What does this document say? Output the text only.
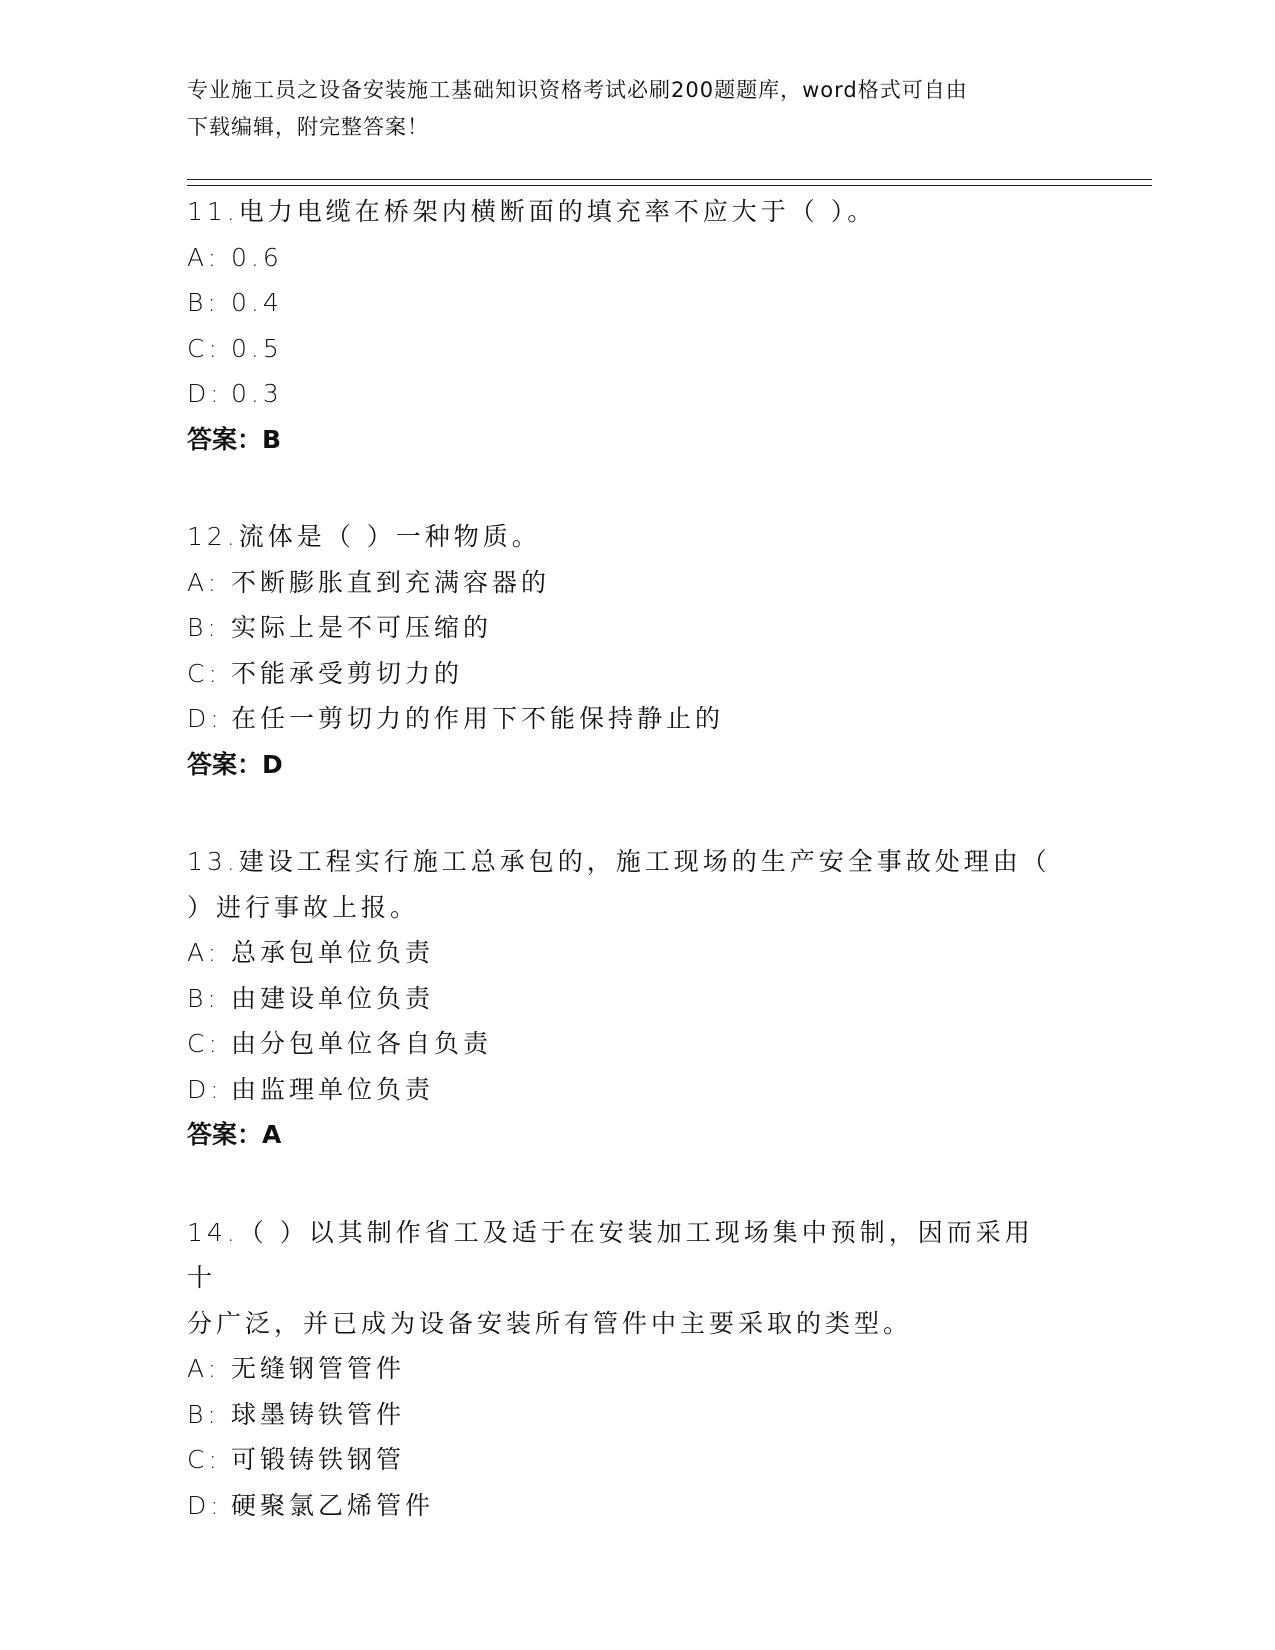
专业施工员之设备安装施工基础知识资格考试必刷200题题库，word格式可自由
下载编辑，附完整答案！
11.电力电缆在桥架内横断面的填充率不应大于（ ）。
A: 0.6
B: 0.4
C: 0.5
D: 0.3
答案：B
12.流体是（ ）一种物质。
A: 不断膨胀直到充满容器的
B: 实际上是不可压缩的
C: 不能承受剪切力的
D: 在任一剪切力的作用下不能保持静止的
答案：D
13.建设工程实行施工总承包的，施工现场的生产安全事故处理由（
）进行事故上报。
A: 总承包单位负责
B: 由建设单位负责
C: 由分包单位各自负责
D: 由监理单位负责
答案：A
14.（ ）以其制作省工及适于在安装加工现场集中预制，因而采用十
分广泛，并已成为设备安装所有管件中主要采取的类型。
A: 无缝钢管管件
B: 球墨铸铁管件
C: 可锻铸铁钢管
D: 硬聚氯乙烯管件
